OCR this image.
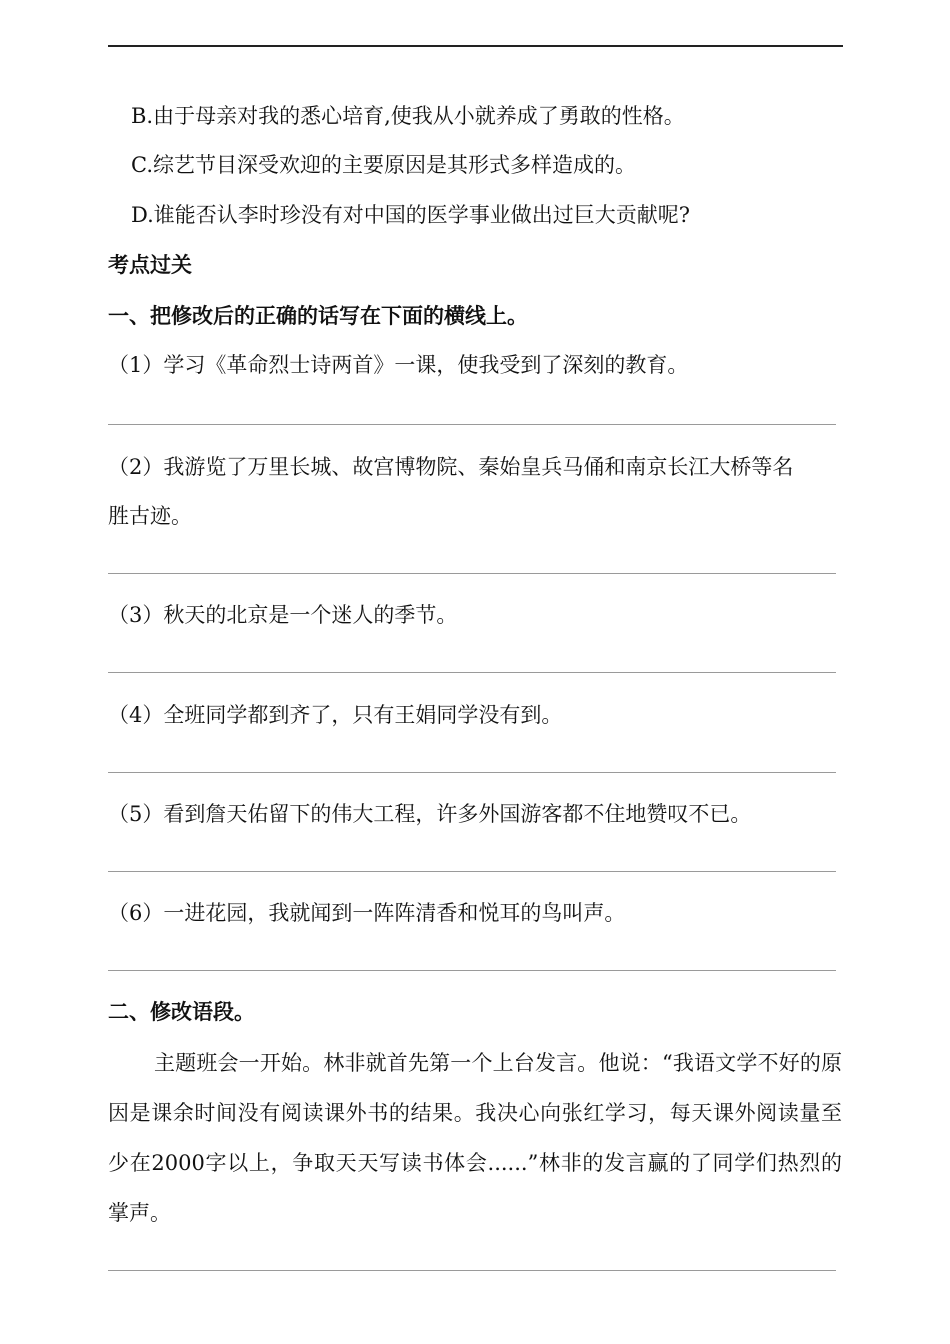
B.由于母亲对我的悉心培育,使我从小就养成了勇敢的性格。
C.综艺节目深受欢迎的主要原因是其形式多样造成的。
D.谁能否认李时珍没有对中国的医学事业做出过巨大贡献呢?
考点过关
一、把修改后的正确的话写在下面的横线上。
（1）学习《革命烈士诗两首》一课，使我受到了深刻的教育。
（2）我游览了万里长城、故宫博物院、秦始皇兵马俑和南京长江大桥等名
胜古迹。
（3）秋天的北京是一个迷人的季节。
（4）全班同学都到齐了，只有王娟同学没有到。
（5）看到詹天佑留下的伟大工程，许多外国游客都不住地赞叹不已。
（6）一进花园，我就闻到一阵阵清香和悦耳的鸟叫声。
二、修改语段。
主题班会一开始。林非就首先第一个上台发言。他说：“我语文学不好的原因是课余时间没有阅读课外书的结果。我决心向张红学习，每天课外阅读量至少在2000字以上，争取天天写读书体会......”林非的发言赢的了同学们热烈的掌声。
